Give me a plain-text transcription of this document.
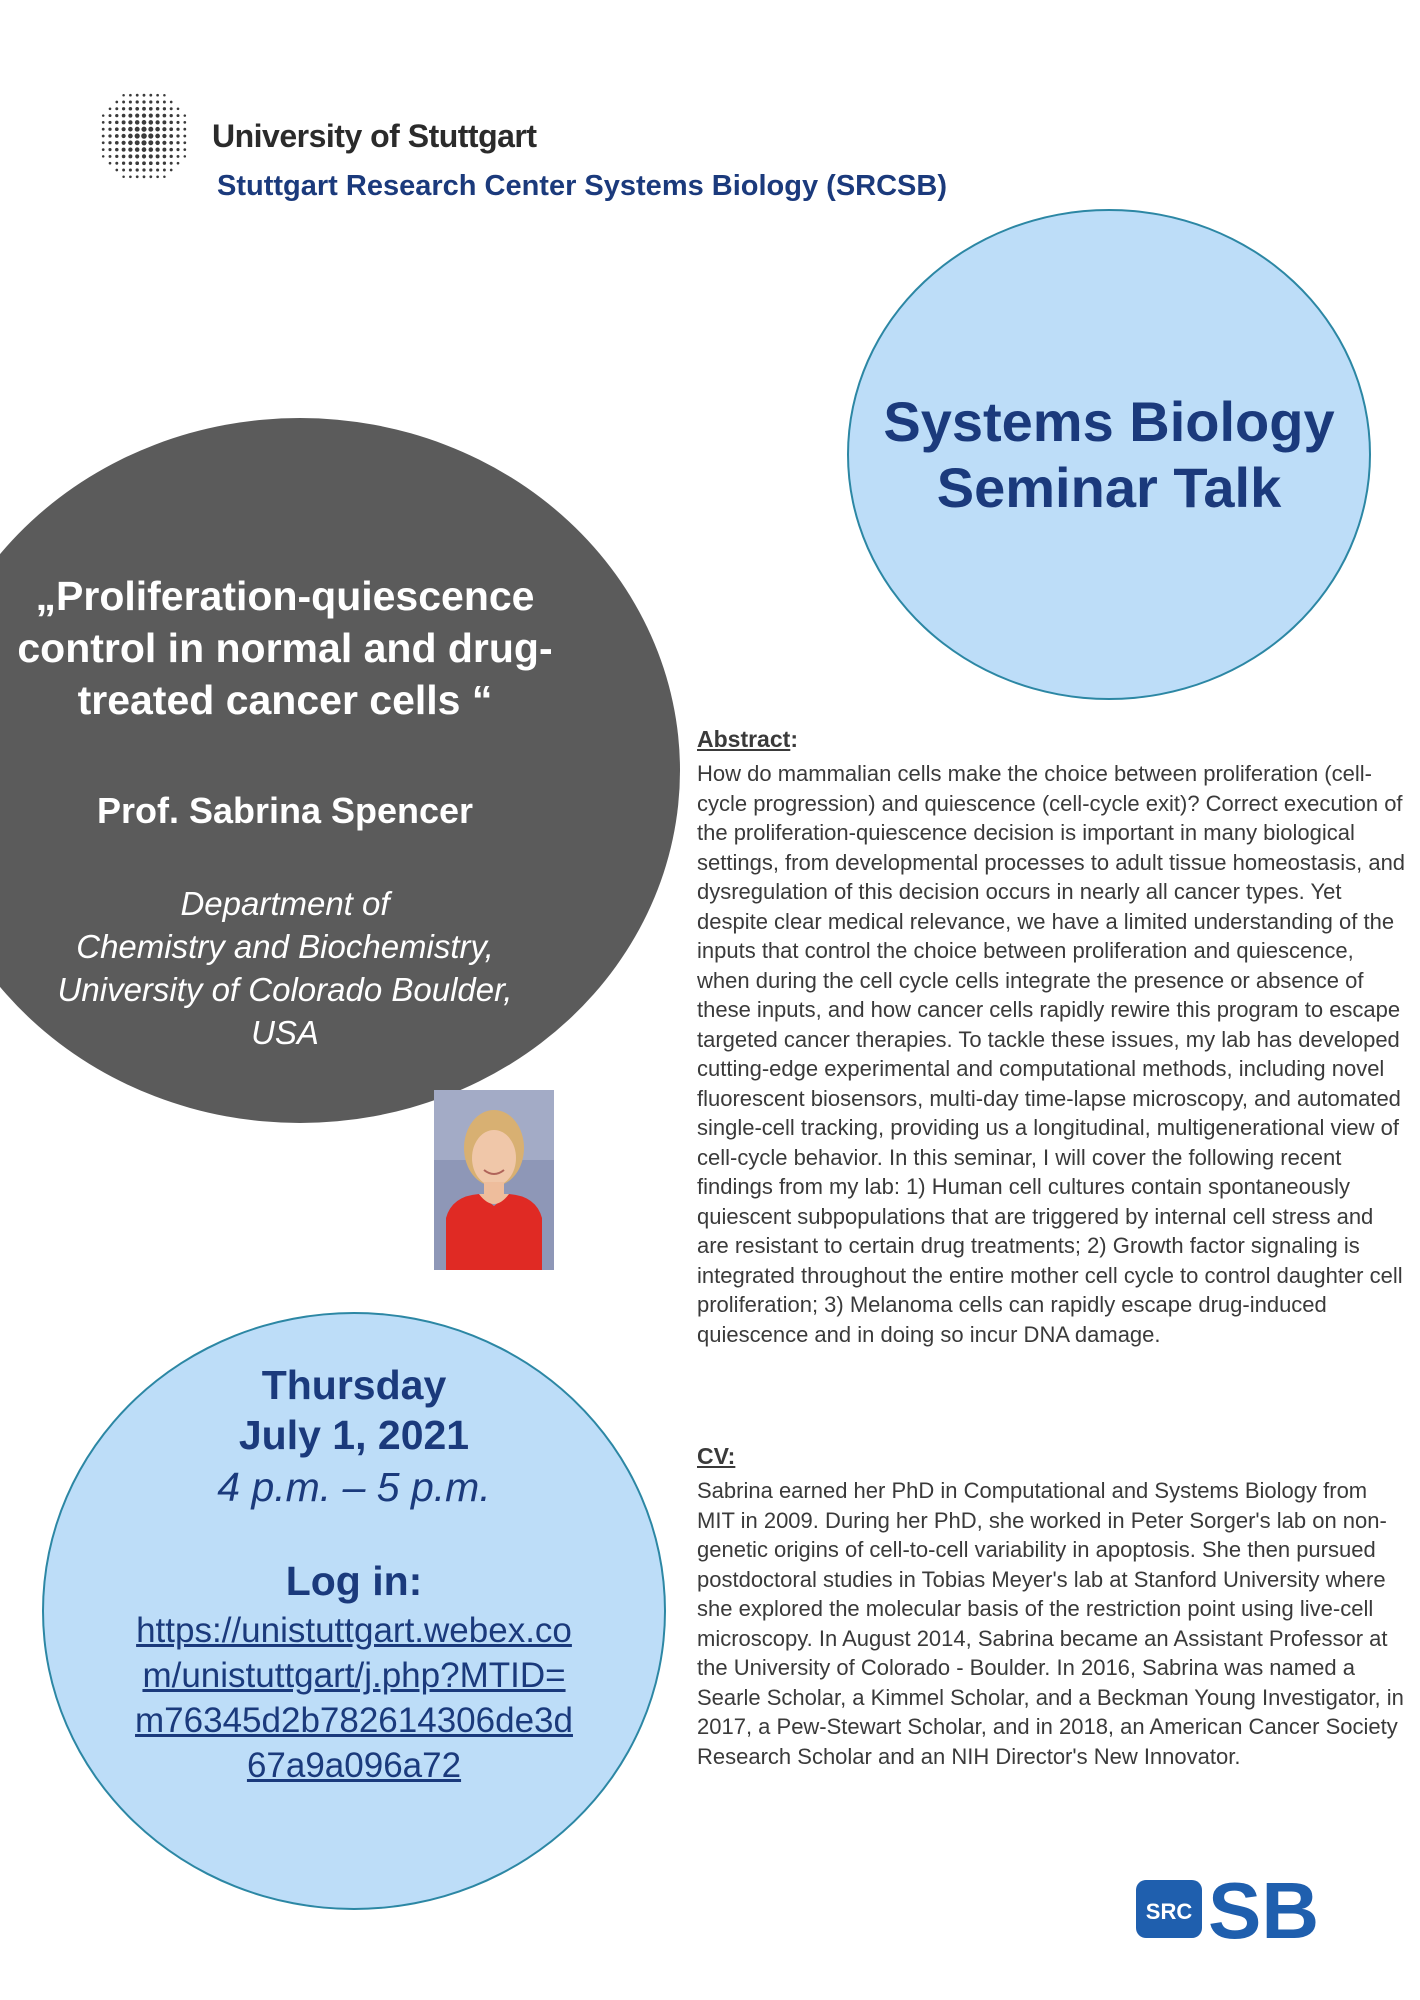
University of Stuttgart

Stuttgart Research Center Systems Biology (SRCSB)

Systems Biology
Seminar Talk
„Proliferation-quiescence
control in normal and drug-
treated cancer cells “

Prof. Sabrina Spencer

Department of
Chemistry and Biochemistry,
University of Colorado Boulder,
USA

Thursday

July 1, 2021

4 p.m. – 5 p.m.

Log in:

https://unistuttgart.webex.com/unistuttgart/j.php?MTID=m76345d2b782614306de3d67a9a096a72

Abstract:

How do mammalian cells make the choice between proliferation (cell-cycle progression) and quiescence (cell-cycle exit)? Correct execution of the proliferation-quiescence decision is important in many biological settings, from developmental processes to adult tissue homeostasis, and dysregulation of this decision occurs in nearly all cancer types. Yet despite clear medical relevance, we have a limited understanding of the inputs that control the choice between proliferation and quiescence, when during the cell cycle cells integrate the presence or absence of these inputs, and how cancer cells rapidly rewire this program to escape targeted cancer therapies. To tackle these issues, my lab has developed cutting-edge experimental and computational methods, including novel fluorescent biosensors, multi-day time-lapse microscopy, and automated single-cell tracking, providing us a longitudinal, multigenerational view of cell-cycle behavior. In this seminar, I will cover the following recent findings from my lab: 1) Human cell cultures contain spontaneously quiescent subpopulations that are triggered by internal cell stress and are resistant to certain drug treatments; 2) Growth factor signaling is integrated throughout the entire mother cell cycle to control daughter cell proliferation; 3) Melanoma cells can rapidly escape drug-induced quiescence and in doing so incur DNA damage.

CV:

Sabrina earned her PhD in Computational and Systems Biology from MIT in 2009. During her PhD, she worked in Peter Sorger's lab on non-genetic origins of cell-to-cell variability in apoptosis. She then pursued postdoctoral studies in Tobias Meyer's lab at Stanford University where she explored the molecular basis of the restriction point using live-cell microscopy. In August 2014, Sabrina became an Assistant Professor at the University of Colorado - Boulder. In 2016, Sabrina was named a Searle Scholar, a Kimmel Scholar, and a Beckman Young Investigator, in 2017, a Pew-Stewart Scholar, and in 2018, an American Cancer Society Research Scholar and an NIH Director's New Innovator.

SRC SB
